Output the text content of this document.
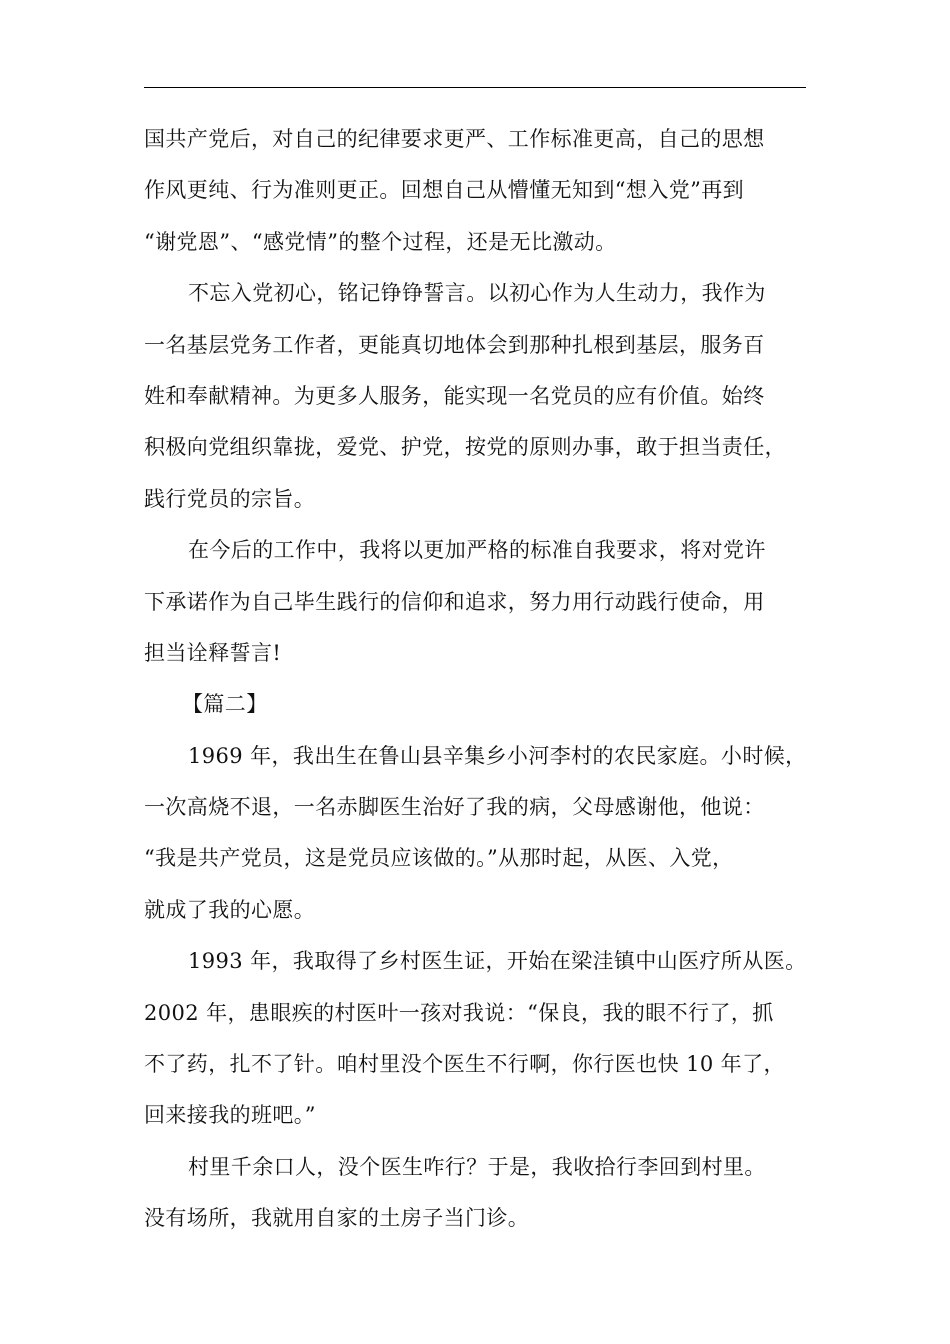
国共产党后，对自己的纪律要求更严、工作标准更高，自己的思想
作风更纯、行为准则更正。回想自己从懵懂无知到“想入党”再到
“谢党恩”、“感党情”的整个过程，还是无比激动。
不忘入党初心，铭记铮铮誓言。以初心作为人生动力，我作为
一名基层党务工作者，更能真切地体会到那种扎根到基层，服务百
姓和奉献精神。为更多人服务，能实现一名党员的应有价值。始终
积极向党组织靠拢，爱党、护党，按党的原则办事，敢于担当责任，
践行党员的宗旨。
在今后的工作中，我将以更加严格的标准自我要求，将对党许
下承诺作为自己毕生践行的信仰和追求，努力用行动践行使命，用
担当诠释誓言!
【篇二】
1969 年，我出生在鲁山县辛集乡小河李村的农民家庭。小时候，
一次高烧不退，一名赤脚医生治好了我的病，父母感谢他，他说：
“我是共产党员，这是党员应该做的。”从那时起，从医、入党，
就成了我的心愿。
1993 年，我取得了乡村医生证，开始在梁洼镇中山医疗所从医。
2002 年，患眼疾的村医叶一孩对我说：“保良，我的眼不行了，抓
不了药，扎不了针。咱村里没个医生不行啊，你行医也快 10 年了，
回来接我的班吧。”
村里千余口人，没个医生咋行？于是，我收拾行李回到村里。
没有场所，我就用自家的土房子当门诊。
